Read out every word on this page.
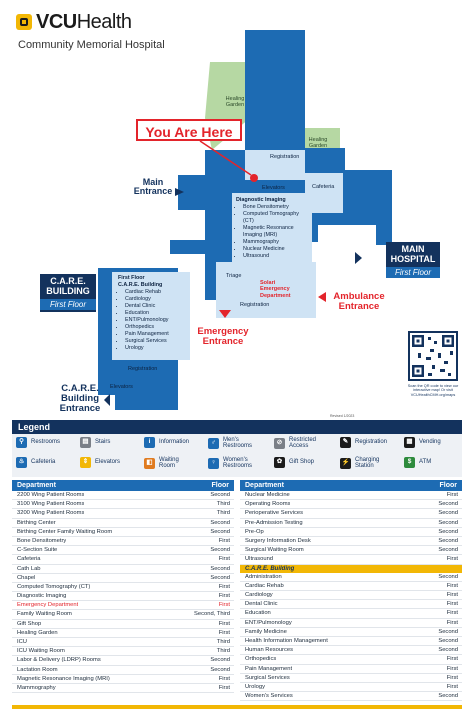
VCUHealth
Community Memorial Hospital
You Are Here
Healing Garden
Healing Garden
Main
Entrance
C.A.R.E.
BUILDING
First Floor
MAIN
HOSPITAL
First Floor
Ambulance
Entrance
Emergency
Entrance
C.A.R.E.
Building
Entrance
Registration
Elevators	Cafeteria
Registration
Triage
Solari
Emergency
Department
Registration
Elevators
Diagnostic Imaging
• Bone Densitometry
• Computed Tomography (CT)
• Magnetic Resonance Imaging (MRI)
• Mammography
• Nuclear Medicine
• Ultrasound
First Floor
C.A.R.E. Building
• Cardiac Rehab
• Cardiology
• Dental Clinic
• Education
• ENT/Pulmonology
• Orthopedics
• Pain Management
• Surgical Services
• Urology
Scan the QR code to view our interactive map! Or visit VCUHealthCMH.org/maps
Revised 1/2023
Legend
⚲	Restrooms	▤	Stairs	i	Information	♂	Men's
Restrooms
⊘	Restricted
Access
✎	Registration	▦	Vending
♨	Cafeteria	⇕	Elevators	◧	Waiting
Room
♀	Women's
Restrooms
✿	Gift Shop	⚡ Charging
Station
$	ATM
Department	Floor
2200 Wing Patient Rooms	Second
3100 Wing Patient Rooms	Third
3200 Wing Patient Rooms	Third
Birthing Center	Second
Birthing Center Family Waiting Room	Second
Bone Densitometry	First
C-Section Suite	Second
Cafeteria	First
Cath Lab	Second
Chapel	Second
Computed Tomography (CT)	First
Diagnostic Imaging	First
Emergency Department	First
Family Waiting Room	Second, Third
Gift Shop	First
Healing Garden	First
ICU	Third
ICU Waiting Room	Third
Labor & Delivery (LDRP) Rooms	Second
Lactation Room	Second
Magnetic Resonance Imaging (MRI)	First
Mammography	First
Department	Floor
Nuclear Medicine	First
Operating Rooms	Second
Perioperative Services	Second
Pre-Admission Testing	Second
Pre-Op	Second
Surgery Information Desk	Second
Surgical Waiting Room	Second
Ultrasound	First
C.A.R.E. Building
Administration	Second
Cardiac Rehab	First
Cardiology	First
Dental Clinic	First
Education	First
ENT/Pulmonology	First
Family Medicine	Second
Health Information Management	Second
Human Resources	Second
Orthopedics	First
Pain Management	First
Surgical Services	First
Urology	First
Women's Services	Second
